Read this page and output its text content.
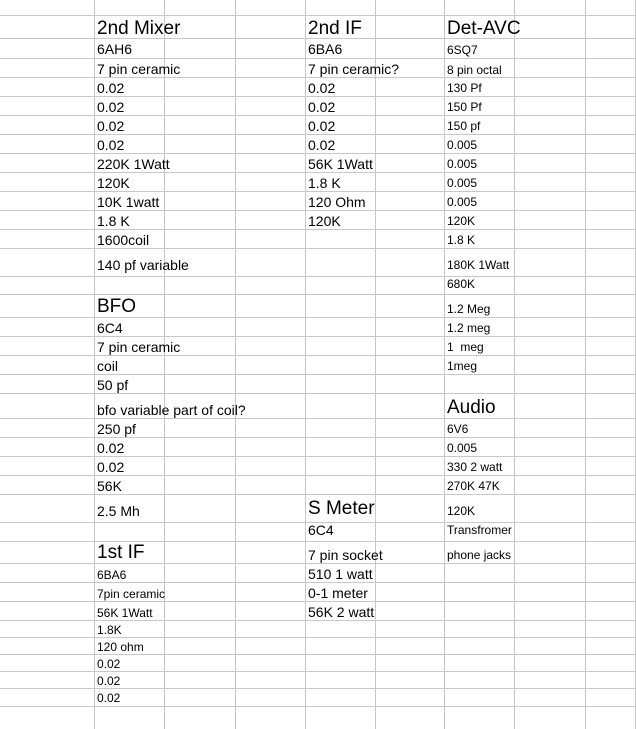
2nd Mixer
6AH6
7 pin ceramic
0.02
0.02
0.02
0.02
220K 1Watt
120K
10K 1watt
1.8 K
1600coil
140 pf variable
BFO
6C4
7 pin ceramic
coil
50 pf
bfo variable part of coil?
250 pf
0.02
0.02
56K
2.5 Mh
1st IF
6BA6
7pin ceramic
56K 1Watt
1.8K
120 ohm
0.02
0.02
0.02
2nd IF
6BA6
7 pin ceramic?
0.02
0.02
0.02
0.02
56K 1Watt
1.8 K
120 Ohm
120K
S Meter
6C4
7 pin socket
510 1 watt
0-1 meter
56K 2 watt
Det-AVC
6SQ7
8 pin octal
130 Pf
150 Pf
150 pf
0.005
0.005
0.005
0.005
120K
1.8 K
180K 1Watt
680K
1.2 Meg
1.2 meg
1  meg
1meg
Audio
6V6
0.005
330 2 watt
270K 47K
120K
Transfromer
phone jacks
